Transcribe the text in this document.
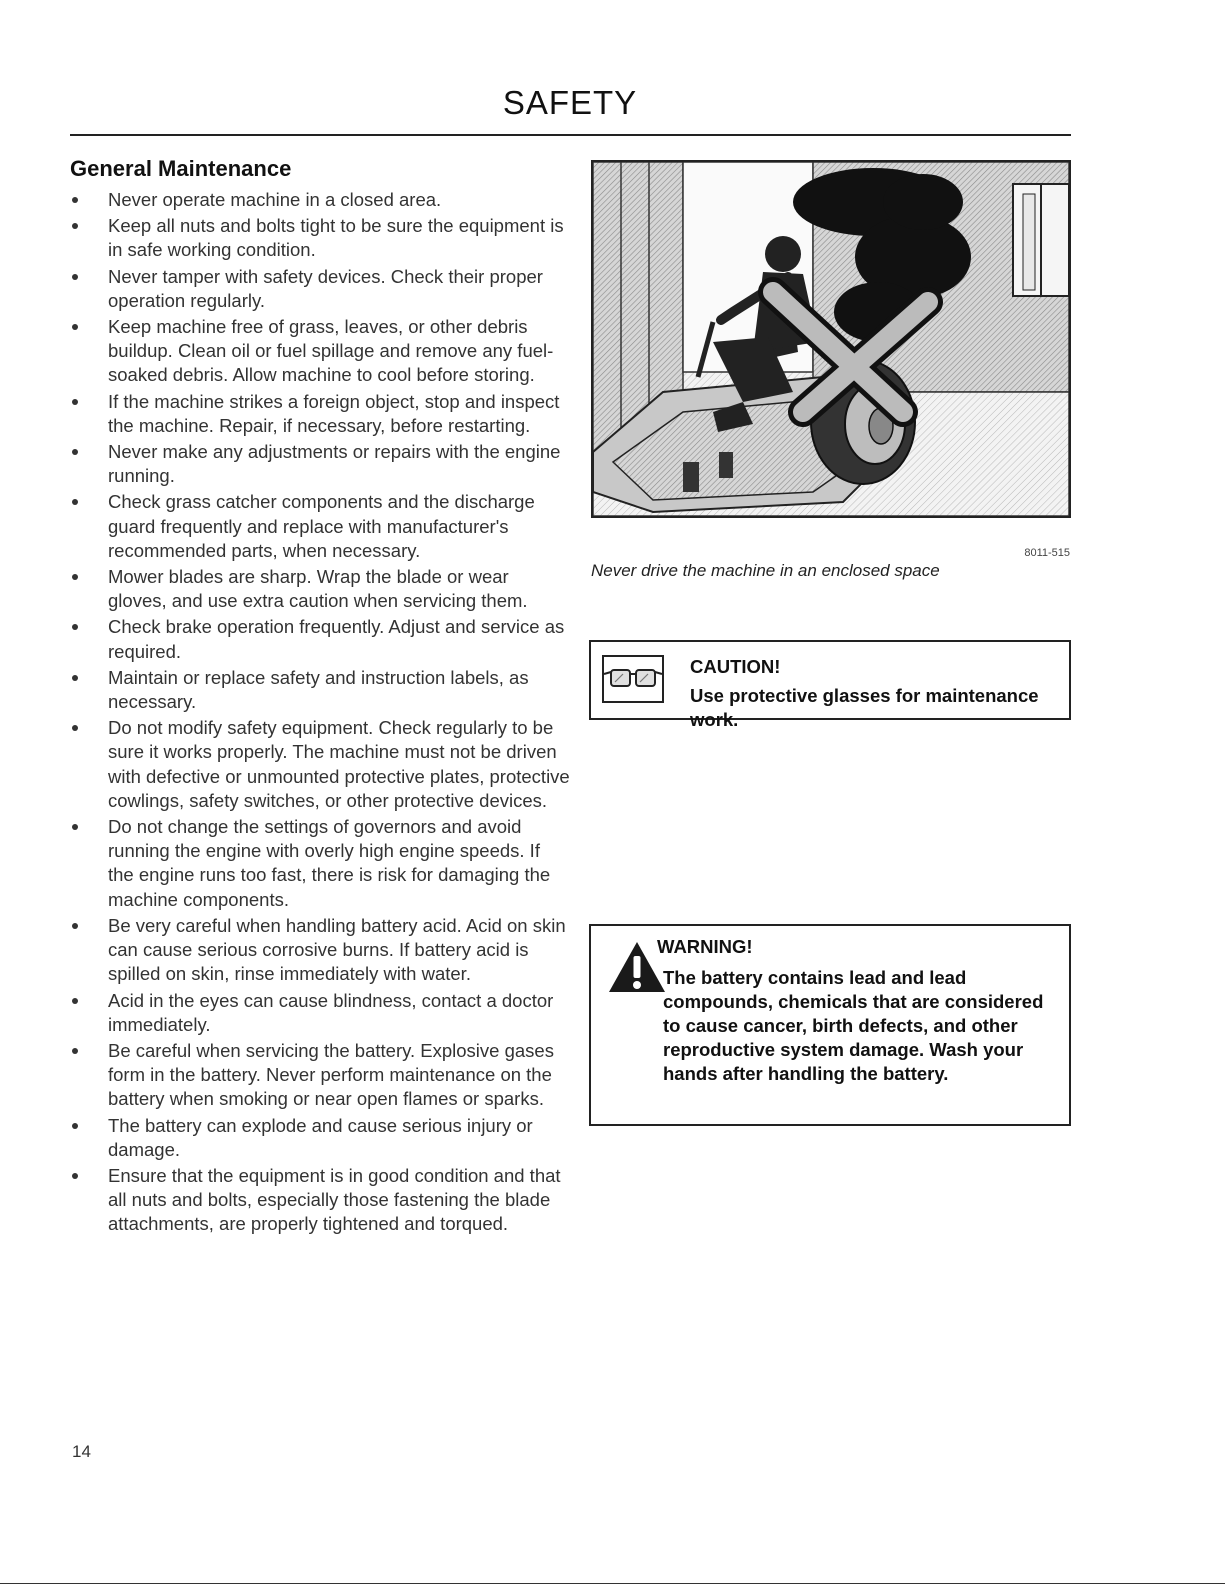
SAFETY
General Maintenance
Never operate machine in a closed area.
Keep all nuts and bolts tight to be sure the equipment is in safe working condition.
Never tamper with safety devices. Check their proper operation regularly.
Keep machine free of grass, leaves, or other debris buildup. Clean oil or fuel spillage and remove any fuel-soaked debris. Allow machine to cool before storing.
If the machine strikes a foreign object, stop and inspect the machine. Repair, if necessary, before restarting.
Never make any adjustments or repairs with the engine running.
Check grass catcher components and the discharge guard frequently and replace with manufacturer's recommended parts, when necessary.
Mower blades are sharp. Wrap the blade or wear gloves, and use extra caution when servicing them.
Check brake operation frequently. Adjust and service as required.
Maintain or replace safety and instruction labels, as necessary.
Do not modify safety equipment. Check regularly to be sure it works properly. The machine must not be driven with defective or unmounted protective plates, protective cowlings, safety switches, or other protective devices.
Do not change the settings of governors and avoid running the engine with overly high engine speeds. If the engine runs too fast, there is risk for damaging the machine components.
Be very careful when handling battery acid. Acid on skin can cause serious corrosive burns. If battery acid is spilled on skin, rinse immediately with water.
Acid in the eyes can cause blindness, contact a doctor immediately.
Be careful when servicing the battery. Explosive gases form in the battery. Never perform maintenance on the battery when smoking or near open flames or sparks.
The battery can explode and cause serious injury or damage.
Ensure that the equipment is in good condition and that all nuts and bolts, especially those fastening the blade attachments, are properly tightened and torqued.
8011-515
Never drive the machine in an enclosed space
CAUTION!
Use protective glasses for maintenance work.
WARNING!
The battery contains lead and lead compounds, chemicals that are considered to cause cancer, birth defects, and other reproductive system damage. Wash your hands after handling the battery.
14
